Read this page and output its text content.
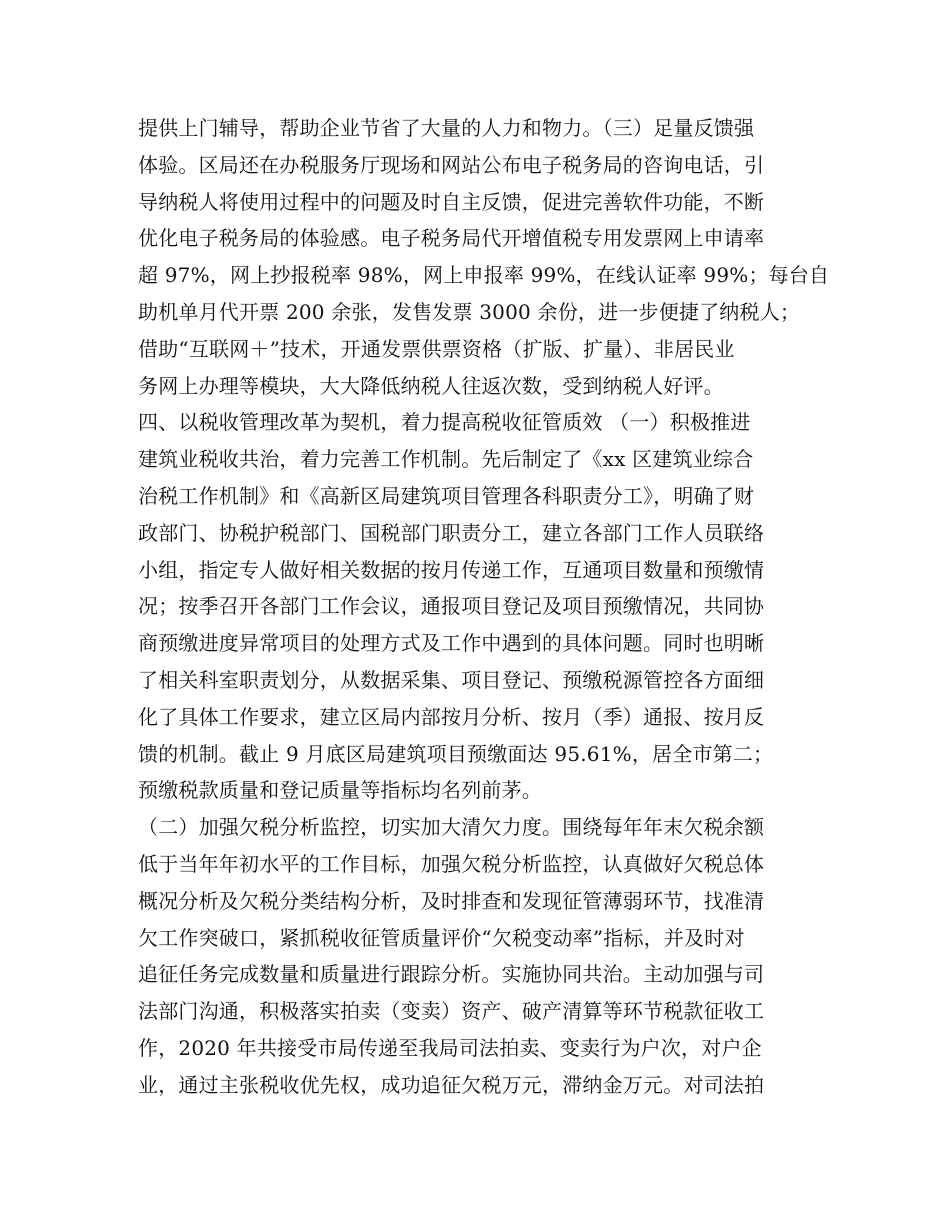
提供上门辅导，帮助企业节省了大量的人力和物力。（三）足量反馈强
体验。区局还在办税服务厅现场和网站公布电子税务局的咨询电话，引
导纳税人将使用过程中的问题及时自主反馈，促进完善软件功能，不断
优化电子税务局的体验感。电子税务局代开增值税专用发票网上申请率
超 97%，网上抄报税率 98%，网上申报率 99%，在线认证率 99%；每台自
助机单月代开票 200 余张，发售发票 3000 余份，进一步便捷了纳税人；
借助“互联网＋”技术，开通发票供票资格（扩版、扩量）、非居民业
务网上办理等模块，大大降低纳税人往返次数，受到纳税人好评。
四、以税收管理改革为契机，着力提高税收征管质效 （一）积极推进
建筑业税收共治，着力完善工作机制。先后制定了《xx 区建筑业综合
治税工作机制》和《高新区局建筑项目管理各科职责分工》，明确了财
政部门、协税护税部门、国税部门职责分工，建立各部门工作人员联络
小组，指定专人做好相关数据的按月传递工作，互通项目数量和预缴情
况；按季召开各部门工作会议，通报项目登记及项目预缴情况，共同协
商预缴进度异常项目的处理方式及工作中遇到的具体问题。同时也明晰
了相关科室职责划分，从数据采集、项目登记、预缴税源管控各方面细
化了具体工作要求，建立区局内部按月分析、按月（季）通报、按月反
馈的机制。截止 9 月底区局建筑项目预缴面达 95.61%，居全市第二；
预缴税款质量和登记质量等指标均名列前茅。
（二）加强欠税分析监控，切实加大清欠力度。围绕每年年末欠税余额
低于当年年初水平的工作目标，加强欠税分析监控，认真做好欠税总体
概况分析及欠税分类结构分析，及时排查和发现征管薄弱环节，找准清
欠工作突破口，紧抓税收征管质量评价“欠税变动率”指标，并及时对
追征任务完成数量和质量进行跟踪分析。实施协同共治。主动加强与司
法部门沟通，积极落实拍卖（变卖）资产、破产清算等环节税款征收工
作，2020 年共接受市局传递至我局司法拍卖、变卖行为户次，对户企
业，通过主张税收优先权，成功追征欠税万元，滞纳金万元。对司法拍
